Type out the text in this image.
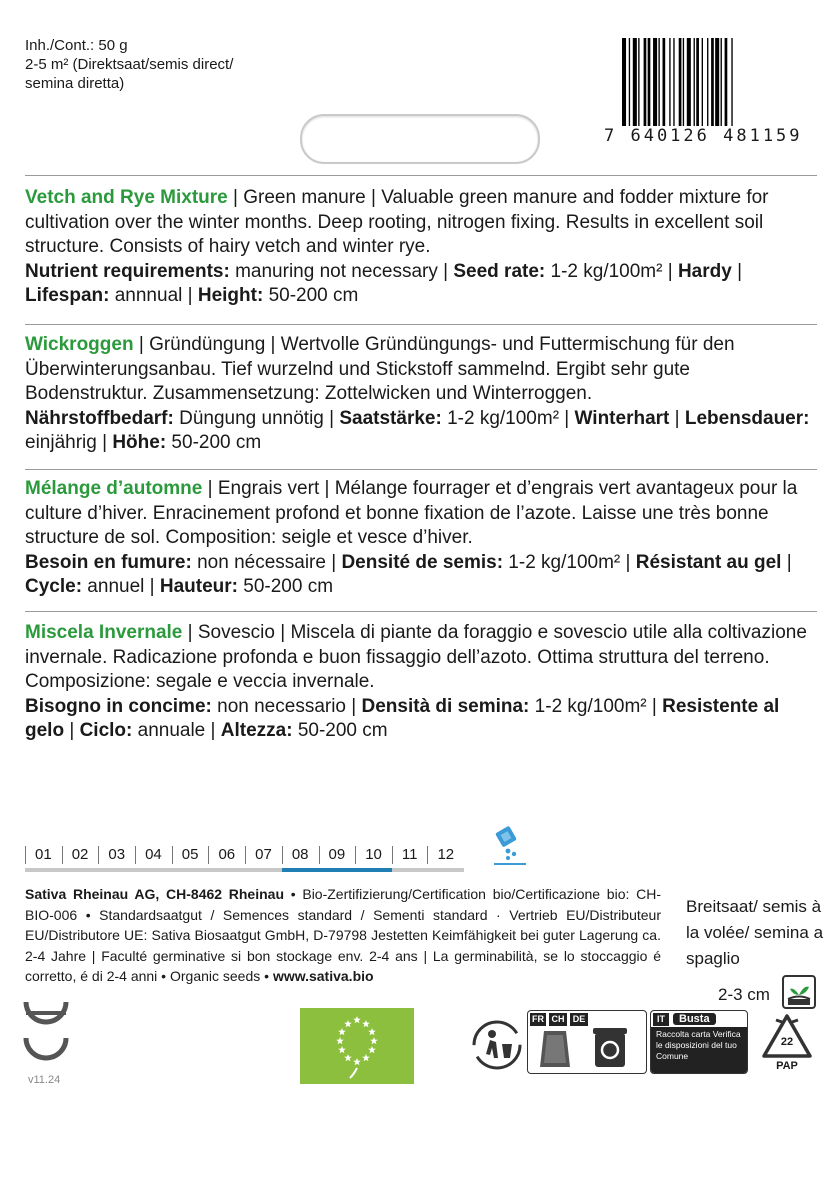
Inh./Cont.: 50 g
2-5 m² (Direktsaat/semis direct/
semina diretta)
7 640126 481159
Vetch and Rye Mixture | Green manure | Valuable green manure and fodder mixture for cultivation over the winter months. Deep rooting, nitrogen fixing. Results in excellent soil structure. Consists of hairy vetch and winter rye.
Nutrient requirements: manuring not necessary | Seed rate: 1-2 kg/100m² | Hardy | Lifespan: annnual | Height: 50-200 cm
Wickroggen | Gründüngung | Wertvolle Gründüngungs- und Futtermischung für den Überwinterungsanbau. Tief wurzelnd und Stickstoff sammelnd. Ergibt sehr gute Bodenstruktur. Zusammensetzung: Zottelwicken und Winterroggen.
Nährstoffbedarf: Düngung unnötig | Saatstärke: 1-2 kg/100m² | Winterhart | Lebensdauer: einjährig | Höhe: 50-200 cm
Mélange d’automne | Engrais vert | Mélange fourrager et d’engrais vert avantageux pour la culture d’hiver. Enracinement profond et bonne fixation de l’azote. Laisse une très bonne structure de sol. Composition: seigle et vesce d’hiver.
Besoin en fumure: non nécessaire | Densité de semis: 1-2 kg/100m² | Résistant au gel | Cycle: annuel | Hauteur: 50-200 cm
Miscela Invernale | Sovescio | Miscela di piante da foraggio e sovescio utile alla coltivazione invernale. Radicazione profonda e buon fissaggio dell’azoto. Ottima struttura del terreno. Composizione: segale e veccia invernale.
Bisogno in concime: non necessario | Densità di semina: 1-2 kg/100m² | Resistente al gelo | Ciclo: annuale | Altezza: 50-200 cm
01	02	03	04	05	06	07	08	09	10	11	12
Sativa Rheinau AG, CH-8462 Rheinau • Bio-Zertifizierung/Certification bio/Certificazione bio: CH-BIO-006 • Standardsaatgut / Semences standard / Sementi standard · Vertrieb EU/Distributeur EU/Distributore UE: Sativa Biosaatgut GmbH, D-79798 Jestetten Keimfähigkeit bei guter Lagerung ca. 2-4 Jahre | Faculté germinative si bon stockage env. 2-4 ans | La germinabilità, se lo stoccaggio é corretto, é di 2-4 anni • Organic seeds • www.sativa.bio
Breitsaat/ semis à la volée/ semina a spaglio
2-3 cm
v11.24
FR CH DE	IT	Busta
Raccolta carta Verifica le disposizioni del tuo Comune
22
PAP
